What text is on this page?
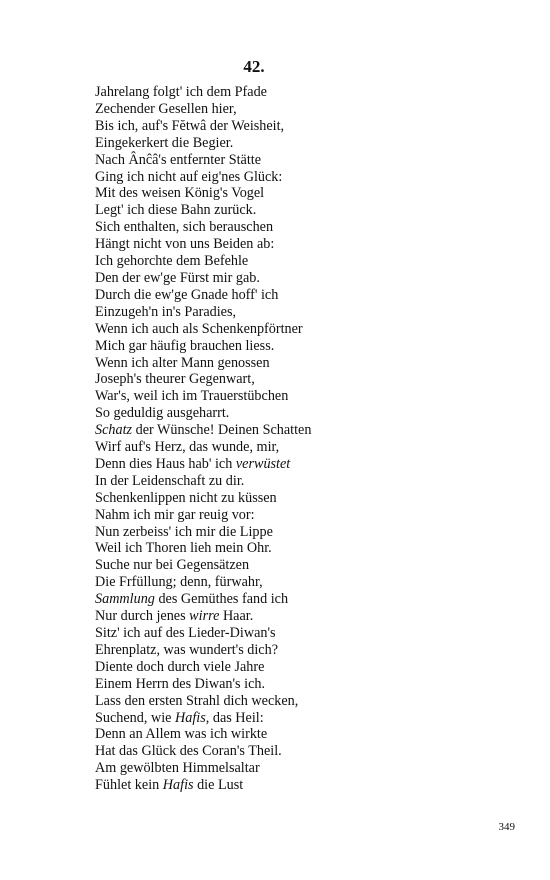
42.
Jahrelang folgt' ich dem Pfade
Zechender Gesellen hier,
Bis ich, auf's Fĕtwâ der Weisheit,
Eingekerkert die Begier.
Nach Ânĉâ's entfernter Stätte
Ging ich nicht auf eig'nes Glück:
Mit des weisen König's Vogel
Legt' ich diese Bahn zurück.
Sich enthalten, sich berauschen
Hängt nicht von uns Beiden ab:
Ich gehorchte dem Befehle
Den der ew'ge Fürst mir gab.
Durch die ew'ge Gnade hoff' ich
Einzugeh'n in's Paradies,
Wenn ich auch als Schenkenpförtner
Mich gar häufig brauchen liess.
Wenn ich alter Mann genossen
Joseph's theurer Gegenwart,
War's, weil ich im Trauerstübchen
So geduldig ausgeharrt.
Schatz der Wünsche! Deinen Schatten
Wirf auf's Herz, das wunde, mir,
Denn dies Haus hab' ich verwüstet
In der Leidenschaft zu dir.
Schenkenlippen nicht zu küssen
Nahm ich mir gar reuig vor:
Nun zerbeiss' ich mir die Lippe
Weil ich Thoren lieh mein Ohr.
Suche nur bei Gegensätzen
Die Frfüllung; denn, fürwahr,
Sammlung des Gemüthes fand ich
Nur durch jenes wirre Haar.
Sitz' ich auf des Lieder-Diwan's
Ehrenplatz, was wundert's dich?
Diente doch durch viele Jahre
Einem Herrn des Diwan's ich.
Lass den ersten Strahl dich wecken,
Suchend, wie Hafis, das Heil:
Denn an Allem was ich wirkte
Hat das Glück des Coran's Theil.
Am gewölbten Himmelsaltar
Fühlet kein Hafis die Lust
349
